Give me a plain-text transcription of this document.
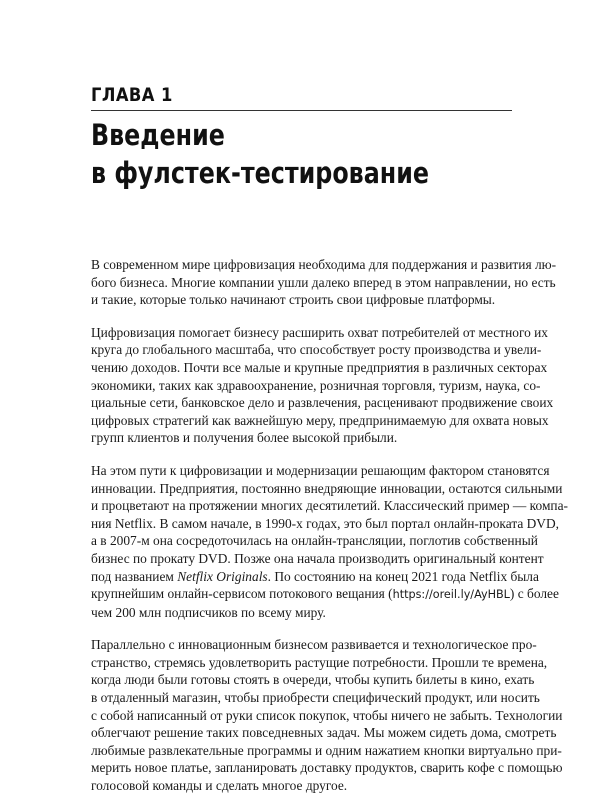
ГЛАВА 1
Введение
в фулстек-тестирование
В современном мире цифровизация необходима для поддержания и развития лю-
бого бизнеса. Многие компании ушли далеко вперед в этом направлении, но есть
и такие, которые только начинают строить свои цифровые платформы.
Цифровизация помогает бизнесу расширить охват потребителей от местного их
круга до глобального масштаба, что способствует росту производства и увели-
чению доходов. Почти все малые и крупные предприятия в различных секторах
экономики, таких как здравоохранение, розничная торговля, туризм, наука, со-
циальные сети, банковское дело и развлечения, расценивают продвижение своих
цифровых стратегий как важнейшую меру, предпринимаемую для охвата новых
групп клиентов и получения более высокой прибыли.
На этом пути к цифровизации и модернизации решающим фактором становятся
инновации. Предприятия, постоянно внедряющие инновации, остаются сильными
и процветают на протяжении многих десятилетий. Классический пример — компа-
ния Netflix. В самом начале, в 1990-х годах, это был портал онлайн-проката DVD,
а в 2007-м она сосредоточилась на онлайн-трансляции, поглотив собственный
бизнес по прокату DVD. Позже она начала производить оригинальный контент
под названием Netflix Originals. По состоянию на конец 2021 года Netflix была
крупнейшим онлайн-сервисом потокового вещания (https://oreil.ly/AyHBL) с более
чем 200 млн подписчиков по всему миру.
Параллельно с инновационным бизнесом развивается и технологическое про-
странство, стремясь удовлетворить растущие потребности. Прошли те времена,
когда люди были готовы стоять в очереди, чтобы купить билеты в кино, ехать
в отдаленный магазин, чтобы приобрести специфический продукт, или носить
с собой написанный от руки список покупок, чтобы ничего не забыть. Технологии
облегчают решение таких повседневных задач. Мы можем сидеть дома, смотреть
любимые развлекательные программы и одним нажатием кнопки виртуально при-
мерить новое платье, запланировать доставку продуктов, сварить кофе с помощью
голосовой команды и сделать многое другое.
